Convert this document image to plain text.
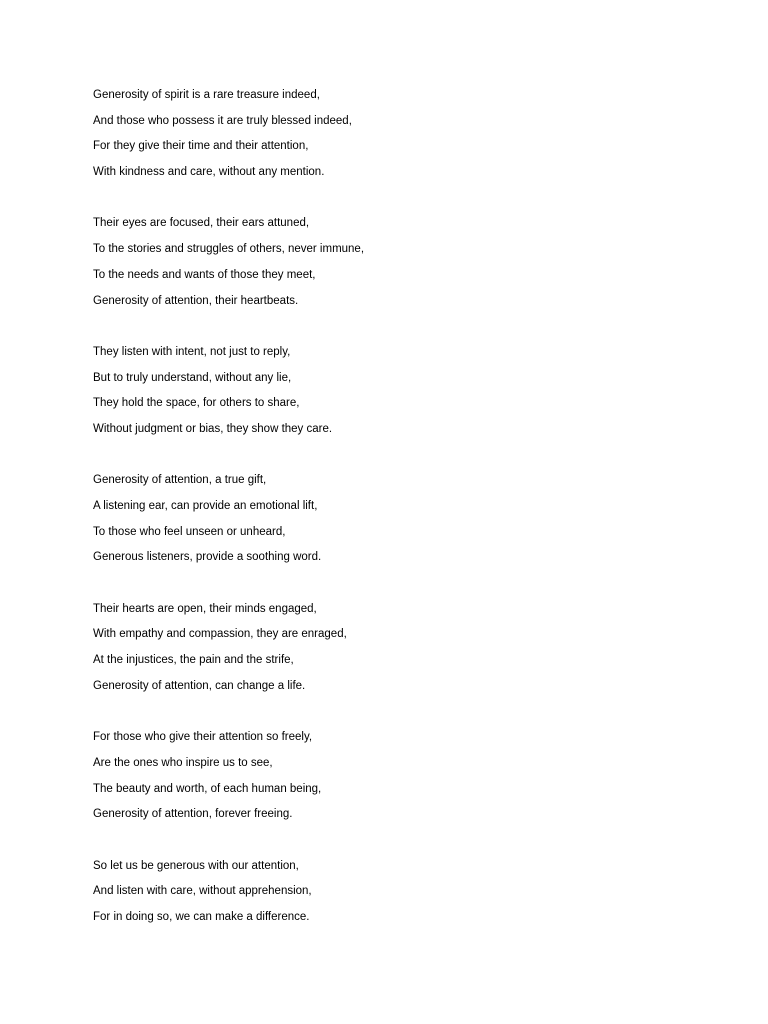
Generosity of spirit is a rare treasure indeed,
And those who possess it are truly blessed indeed,
For they give their time and their attention,
With kindness and care, without any mention.
Their eyes are focused, their ears attuned,
To the stories and struggles of others, never immune,
To the needs and wants of those they meet,
Generosity of attention, their heartbeats.
They listen with intent, not just to reply,
But to truly understand, without any lie,
They hold the space, for others to share,
Without judgment or bias, they show they care.
Generosity of attention, a true gift,
A listening ear, can provide an emotional lift,
To those who feel unseen or unheard,
Generous listeners, provide a soothing word.
Their hearts are open, their minds engaged,
With empathy and compassion, they are enraged,
At the injustices, the pain and the strife,
Generosity of attention, can change a life.
For those who give their attention so freely,
Are the ones who inspire us to see,
The beauty and worth, of each human being,
Generosity of attention, forever freeing.
So let us be generous with our attention,
And listen with care, without apprehension,
For in doing so, we can make a difference.
